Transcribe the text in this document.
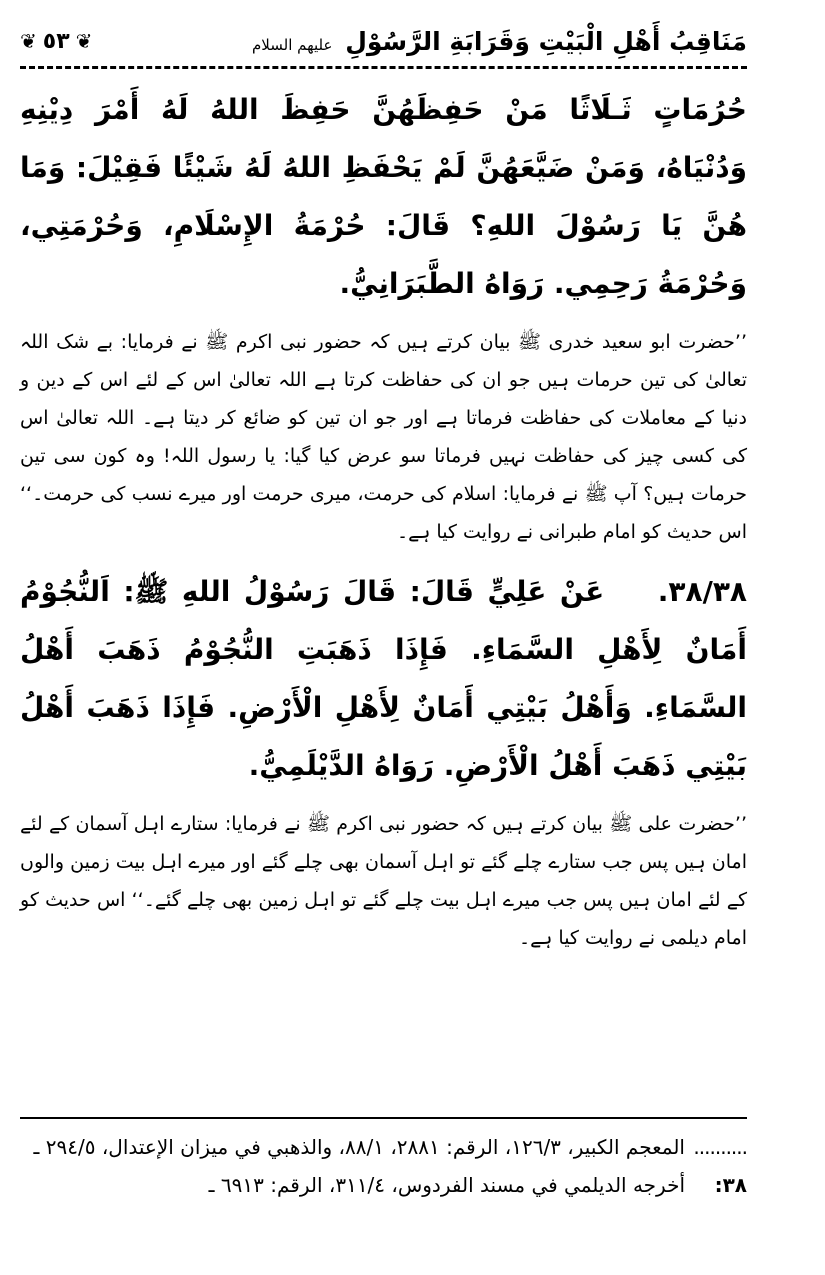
مَنَاقِبُ أَهْلِ الْبَيْتِ وَقَرَابَةِ الرَّسُوْلِ عليهم السلام
❦ ٥٣ ❦

حُرُمَاتٍ ثَـلَاثًا مَنْ حَفِظَهُنَّ حَفِظَ اللهُ لَهُ أَمْرَ دِيْنِهِ وَدُنْيَاهُ، وَمَنْ ضَيَّعَهُنَّ لَمْ يَحْفَظِ اللهُ لَهُ شَيْئًا فَقِيْلَ: وَمَا هُنَّ يَا رَسُوْلَ اللهِ؟ قَالَ: حُرْمَةُ الإِسْلَامِ، وَحُرْمَتِي، وَحُرْمَةُ رَحِمِي. رَوَاهُ الطَّبَرَانِيُّ.

’’حضرت ابو سعید خدری ﷺ بیان کرتے ہیں کہ حضور نبی اکرم ﷺ نے فرمایا: بے شک اللہ تعالیٰ کی تین حرمات ہیں جو ان کی حفاظت کرتا ہے اللہ تعالیٰ اس کے لئے اس کے دین و دنیا کے معاملات کی حفاظت فرماتا ہے اور جو ان تین کو ضائع کر دیتا ہے۔ اللہ تعالیٰ اس کی کسی چیز کی حفاظت نہیں فرماتا سو عرض کیا گیا: یا رسول اللہ! وہ کون سی تین حرمات ہیں؟ آپ ﷺ نے فرمایا: اسلام کی حرمت، میری حرمت اور میرے نسب کی حرمت۔‘‘ اس حدیث کو امام طبرانی نے روایت کیا ہے۔

٣٨/٣٨. عَنْ عَلِيٍّ قَالَ: قَالَ رَسُوْلُ اللهِ ﷺ: اَلنُّجُوْمُ أَمَانٌ لِأَهْلِ السَّمَاءِ. فَإِذَا ذَهَبَتِ النُّجُوْمُ ذَهَبَ أَهْلُ السَّمَاءِ. وَأَهْلُ بَيْتِي أَمَانٌ لِأَهْلِ الْأَرْضِ. فَإِذَا ذَهَبَ أَهْلُ بَيْتِي ذَهَبَ أَهْلُ الْأَرْضِ. رَوَاهُ الدَّيْلَمِيُّ.

’’حضرت علی ﷺ بیان کرتے ہیں کہ حضور نبی اکرم ﷺ نے فرمایا: ستارے اہل آسمان کے لئے امان ہیں پس جب ستارے چلے گئے تو اہل آسمان بھی چلے گئے اور میرے اہل بیت زمین والوں کے لئے امان ہیں پس جب میرے اہل بیت چلے گئے تو اہل زمین بھی چلے گئے۔‘‘ اس حدیث کو امام دیلمی نے روایت کیا ہے۔

..........
المعجم الكبير، ١٢٦/٣، الرقم: ٢٨٨١، ٨٨/١، والذهبي في ميزان الإعتدال، ٢٩٤/٥ ـ
٣٨:
أخرجه الديلمي في مسند الفردوس، ٣١١/٤، الرقم: ٦٩١٣ ـ
